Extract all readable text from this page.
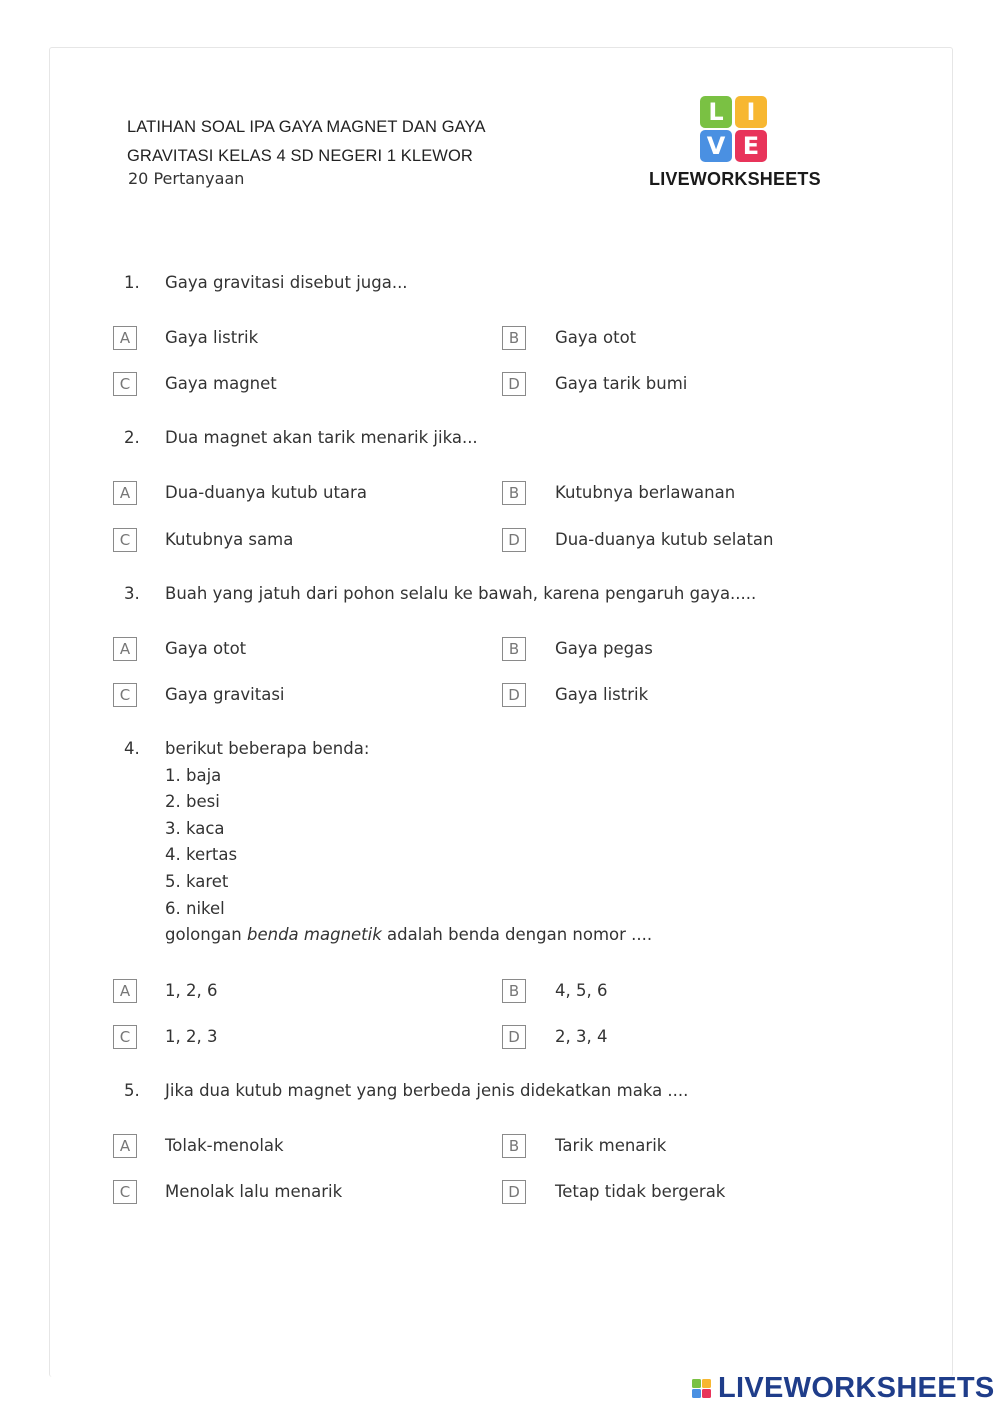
LATIHAN SOAL IPA GAYA MAGNET DAN GAYA
GRAVITASI KELAS 4 SD NEGERI 1 KLEWOR
20 Pertanyaan
L I
V E
LIVEWORKSHEETS
1. Gaya gravitasi disebut juga...
A	Gaya listrik	B	Gaya otot
C	Gaya magnet	D	Gaya tarik bumi
2. Dua magnet akan tarik menarik jika...
A	Dua-duanya kutub utara	B	Kutubnya berlawanan
C	Kutubnya sama	D	Dua-duanya kutub selatan
3. Buah yang jatuh dari pohon selalu ke bawah, karena pengaruh gaya.....
A	Gaya otot	B	Gaya pegas
C	Gaya gravitasi	D	Gaya listrik
4. berikut beberapa benda:
1. baja
2. besi
3. kaca
4. kertas
5. karet
6. nikel
golongan benda magnetik adalah benda dengan nomor ....
A	1, 2, 6	B	4, 5, 6
C	1, 2, 3	D	2, 3, 4
5. Jika dua kutub magnet yang berbeda jenis didekatkan maka ....
A	Tolak-menolak	B	Tarik menarik
C	Menolak lalu menarik	D	Tetap tidak bergerak
LIVEWORKSHEETS
